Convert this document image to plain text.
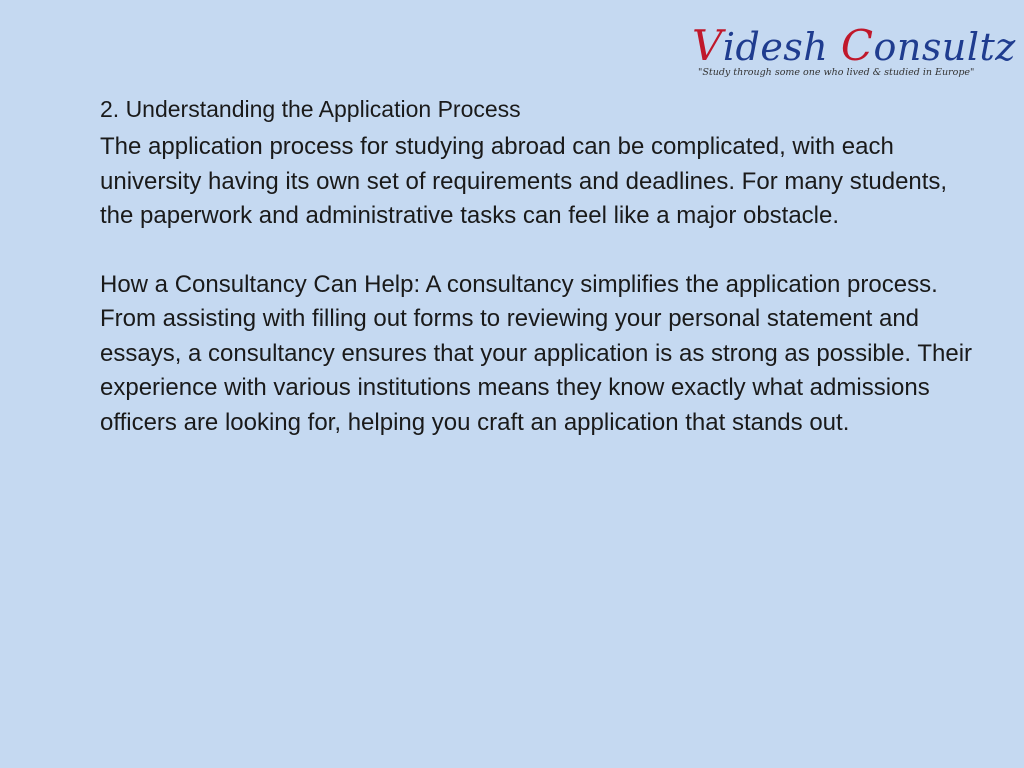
Videsh Consultz
"Study through some one who lived & studied in Europe"

2. Understanding the Application Process

The application process for studying abroad can be complicated, with each university having its own set of requirements and deadlines. For many students, the paperwork and administrative tasks can feel like a major obstacle.

How a Consultancy Can Help: A consultancy simplifies the application process. From assisting with filling out forms to reviewing your personal statement and essays, a consultancy ensures that your application is as strong as possible. Their experience with various institutions means they know exactly what admissions officers are looking for, helping you craft an application that stands out.
